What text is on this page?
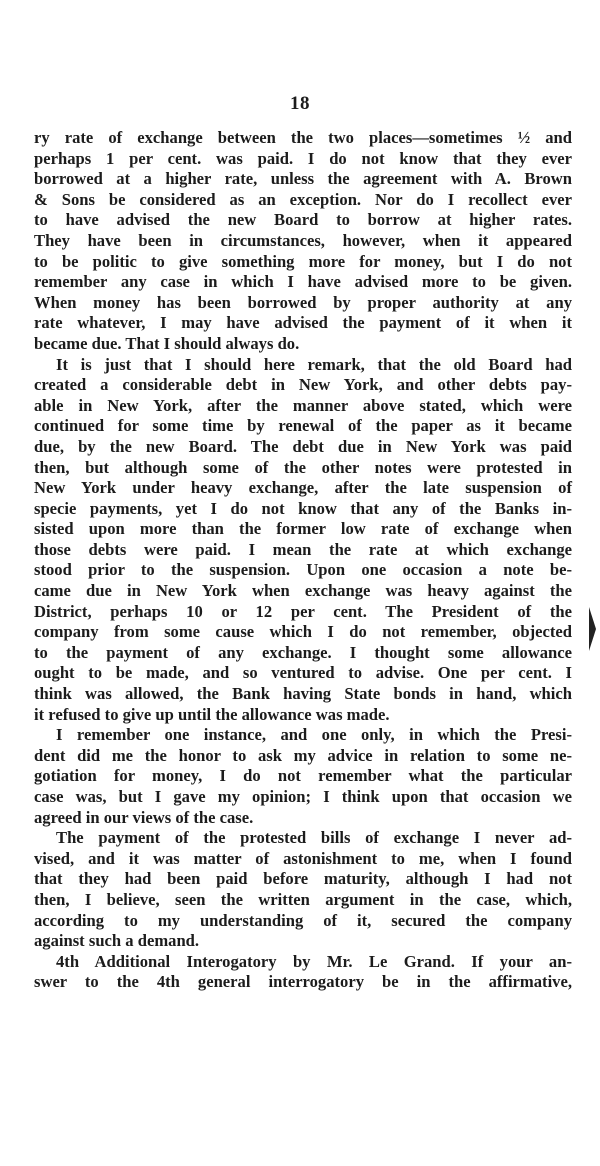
18

ry rate of exchange between the two places—sometimes ½ and
perhaps 1 per cent. was paid. I do not know that they ever
borrowed at a higher rate, unless the agreement with A. Brown
& Sons be considered as an exception. Nor do I recollect ever
to have advised the new Board to borrow at higher rates.
They have been in circumstances, however, when it appeared
to be politic to give something more for money, but I do not
remember any case in which I have advised more to be given.
When money has been borrowed by proper authority at any
rate whatever, I may have advised the payment of it when it
became due. That I should always do.

It is just that I should here remark, that the old Board had
created a considerable debt in New York, and other debts pay-
able in New York, after the manner above stated, which were
continued for some time by renewal of the paper as it became
due, by the new Board. The debt due in New York was paid
then, but although some of the other notes were protested in
New York under heavy exchange, after the late suspension of
specie payments, yet I do not know that any of the Banks in-
sisted upon more than the former low rate of exchange when
those debts were paid. I mean the rate at which exchange
stood prior to the suspension. Upon one occasion a note be-
came due in New York when exchange was heavy against the
District, perhaps 10 or 12 per cent. The President of the
company from some cause which I do not remember, objected
to the payment of any exchange. I thought some allowance
ought to be made, and so ventured to advise. One per cent. I
think was allowed, the Bank having State bonds in hand, which
it refused to give up until the allowance was made.

I remember one instance, and one only, in which the Presi-
dent did me the honor to ask my advice in relation to some ne-
gotiation for money, I do not remember what the particular
case was, but I gave my opinion; I think upon that occasion we
agreed in our views of the case.

The payment of the protested bills of exchange I never ad-
vised, and it was matter of astonishment to me, when I found
that they had been paid before maturity, although I had not
then, I believe, seen the written argument in the case, which,
according to my understanding of it, secured the company
against such a demand.

4th Additional Interogatory by Mr. Le Grand. If your an-
swer to the 4th general interrogatory be in the affirmative,
